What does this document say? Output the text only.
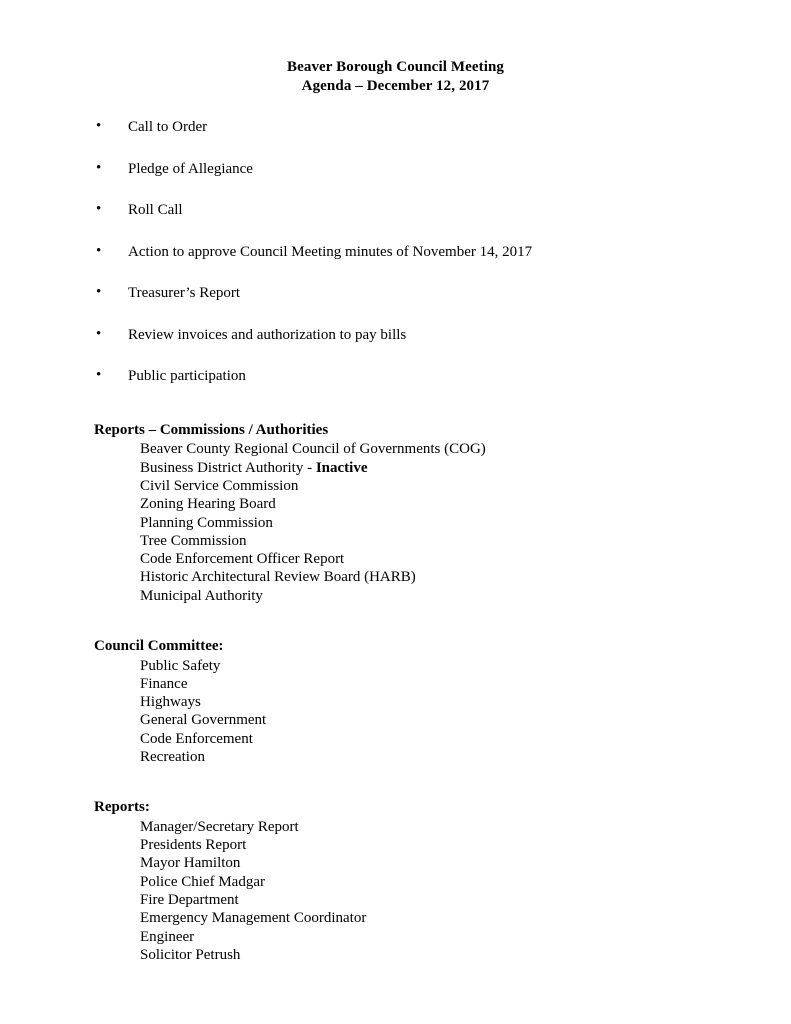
Beaver Borough Council Meeting
Agenda – December 12, 2017
• Call to Order
• Pledge of Allegiance
• Roll Call
• Action to approve Council Meeting minutes of November 14, 2017
• Treasurer’s Report
• Review invoices and authorization to pay bills
• Public participation
Reports – Commissions / Authorities
Beaver County Regional Council of Governments (COG)
Business District Authority - Inactive
Civil Service Commission
Zoning Hearing Board
Planning Commission
Tree Commission
Code Enforcement Officer Report
Historic Architectural Review Board (HARB)
Municipal Authority
Council Committee:
Public Safety
Finance
Highways
General Government
Code Enforcement
Recreation
Reports:
Manager/Secretary Report
Presidents Report
Mayor Hamilton
Police Chief Madgar
Fire Department
Emergency Management Coordinator
Engineer
Solicitor Petrush
